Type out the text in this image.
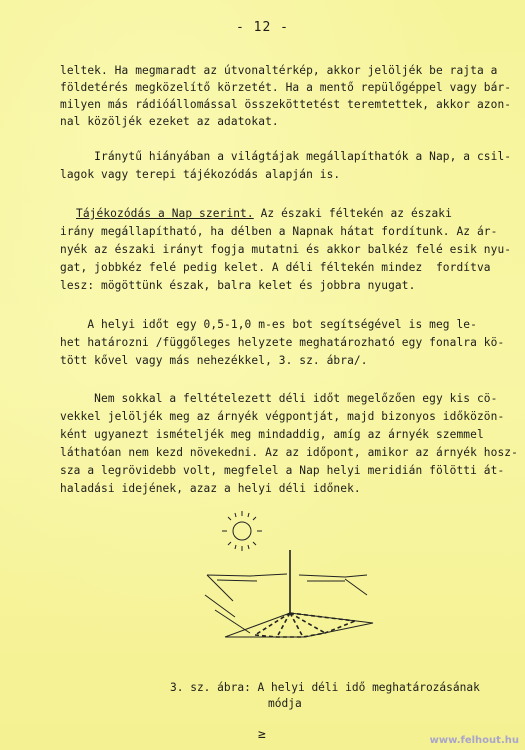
- 12 -
leltek. Ha megmaradt az útvonaltérkép, akkor jelöljék be rajta a
földetérés megközelítő körzetét. Ha a mentő repülőgéppel vagy bár-
milyen más rádióállomással összeköttetést teremtettek, akkor azon-
nal közöljék ezeket az adatokat.
Iránytű hiányában a világtájak megállapíthatók a Nap, a csil-
lagok vagy terepi tájékozódás alapján is.
Tájékozódás a Nap szerint. Az északi féltekén az északi
irány megállapítható, ha délben a Napnak hátat fordítunk. Az ár-
nyék az északi irányt fogja mutatni és akkor balkéz felé esik nyu-
gat, jobbkéz felé pedig kelet. A déli féltekén mindez  fordítva
lesz: mögöttünk észak, balra kelet és jobbra nyugat.
A helyi időt egy 0,5-1,0 m-es bot segítségével is meg le-
het határozni /függőleges helyzete meghatározható egy fonalra kö-
tött kővel vagy más nehezékkel, 3. sz. ábra/.
Nem sokkal a feltételezett déli időt megelőzően egy kis cö-
vekkel jelöljék meg az árnyék végpontját, majd bizonyos időközön-
ként ugyanezt ismételjék meg mindaddig, amíg az árnyék szemmel
láthatóan nem kezd növekedni. Az az időpont, amikor az árnyék hosz-
sza a legrövidebb volt, megfelel a Nap helyi meridián fölötti át-
haladási idejének, azaz a helyi déli időnek.
3. sz. ábra: A helyi déli idő meghatározásának
módja
≥	www.felhout.hu
